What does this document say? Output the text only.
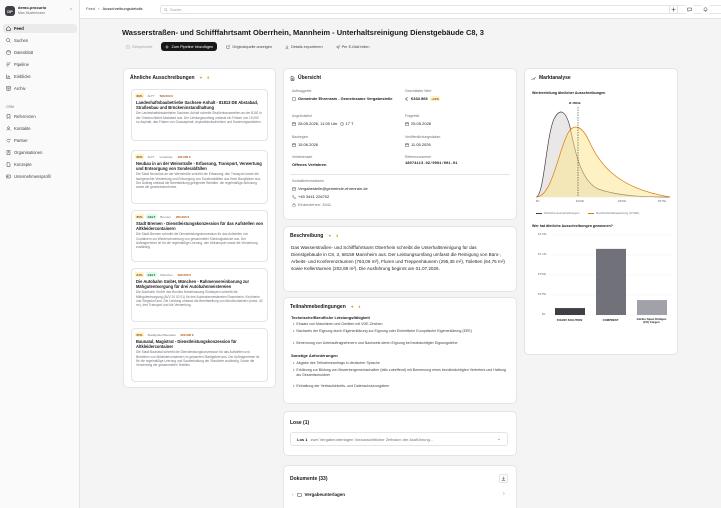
DP
demo-procurio
Max Mustermann	⌃
Feed
Suchen
Datenblatt
Pipeline
Einblicke
Archiv
CRM
Referenzen
Kontakte
Partner
Organisationen
Konzepte
Unternehmensprofil
Feed › Ausschreibungsdetails	Suche...
Wasserstraßen- und Schifffahrtsamt Oberrhein, Mannheim - Unterhaltsreinigung Dienstgebäude C8, 3
Gespeichert	Zum Pipeline hinzufügen	Originalquelle anzeigen	Details exportieren	Per E-Mail teilen
Ähnliche Ausschreibungen	✦	6
89%	ALTT	596.000 €
Landeshaftsbaubetriebe Sachsen-Anhalt - 81813 DE Abstabad, Straßenbau und Brückeninstandhaltung
Die Landeshaftsbaubetriebe Sachsen-Anhalt schreibt Straßenbauarbeiten an der B181 in der Ortsdurchfahrt Abstabad aus. Der Leistungsumfang umfasst ein Fräsen von 19.000 m² Asphalt, das Fräsen von Gussasphalt, Asphaltdeckschichten und Sanierungsarbeiten.
86%	ALTT	Lüneburg	150.000 €
Neubau in an der Weinstraße - Erfassung, Transport, Verwertung und Entsorgung von Sonderabfällen
Die Stadt Neubrück an der Weinstraße schreibt die Erfassung, den Transport sowie die fachgerechte Verwertung und Entsorgung von Sonderabfällen aus ihren Bauplätzen aus. Der Auftrag umfasst die Bereitstellung geeigneter Behälter, die regelmäßige Abholung sowie die gesetzeskonforme.
85%	GELT	Bremen	250.000 €
Stadt Bremen - Dienstleistungskonzession für das Aufstellen von Altkleidercontainern
Die Stadt Bremen schreibt die Dienstleistungskonzession für das Aufstellen von Containern zur Wiederverwertung von gesammelter Kleidungsstücke aus. Der Auftragnehmer ist für die regelmäßige Leerung, den Abtransport sowie die Verwertung zuständig.
84%	GELT	München	390.000 €
Die Autobahn GmbH, München - Rahmenvereinbarung zur Mähgutentsorgung für drei Autobahnmeistereien
Die Autobahn GmbH des Bundes Niederlassung Südbayern schreibt die Mähgutentsorgung (AVV 20 02 01) für drei Autobahnmeistereien Rosenheim, Kirchheim und Siegsdorf aus. Die Leistung umfasst die Bereitstellung von Abrollcontainern (mind. 40 m³), den Transport und die Verwertung.
85%	Stadtgebiet Baunatal	300.000 €
Baunatal, Magistrat - Dienstleistungskonzession für Altkleidercontainer
Die Stadt Baunatal schreibt die Dienstleistungskonzession für das Aufstellen und Betreiben von Altkleidercontainern im gesamten Stadtgebiet aus. Der Auftragnehmer ist für die regelmäßige Leerung und Sauberhaltung der Standorte zuständig. Sowie die Verwertung der gesammelten Textilien.
Übersicht
Auftraggeber
Gemeinde Ehrenrain - Gemeinsame Vergabestelle
Geschätzter Wert
€333.566	+10%
Angebotsfrist
28.05.2026, 11:00 Uhr 17 T
Fragefrist
25.05.2026
Baubeginn
15.06.2026
Veröffentlichungsdatum
11.05.2026
Verfahrensart
Offenes Verfahren
Referenznummer
18074113.02/0001/001-01
Kontaktinformationen
Vergabestelle@gemeinde-ehrenrain.de
+49 3441 226702
Einbeziehen: 3441
Beschreibung	✦	4
Das Wasserstraßen- und Schifffahrtsamt Oberrhein schreibt die Unterhaltsreinigung für das Dienstgebäude in C8, 3, 68159 Mannheim aus. Der Leistungsumfang umfasst die Reinigung von Büro-, Arbeits- und Konferenzräumen (763,06 m²), Fluren und Treppenhäusern (295,35 m²), Toiletten (64,75 m²) sowie Kellerräumen (202,69 m²). Die Ausführung beginnt am 01.07.2026.
Teilnahmebedingungen	✦	4
Technische/Berufliche Leistungsfähigkeit
• Einsatz von Maschinen und Geräten mit VDE-Zeichen
• Nachweis der Eignung durch Eigenerklärung zur Eignung oder Einheitliche Europäische Eigenerklärung (EEE)
• Benennung von Unterauftragnehmern und Nachweis deren Eignung bei beabsichtigter Eignungsleihe
Sonstige Anforderungen
• Abgabe des Teilnahmeantrags in deutscher Sprache
• Erklärung zur Bildung von Bewerbergemeinschaften (falls zutreffend) mit Benennung eines bevollmächtigten Vertreters und Haftung als Gesamtschuldner
• Einhaltung der Vertraulichkeits- und Datenschutzvorgaben
Lose (1)
Los 1 zwei Vergabeunterlagen Voraussichtlicher Zeitraum der Ausführung...	⌄
Dokumente (33)
› Vergabeunterlagen	›
Marktanalyse
Wertverteilung ähnlicher Ausschreibungen
Ø 4653k
€0	€200k	€450k	€675k
Ähnliche Ausschreibungen	Durchschnittsbewertung (UTHD)
Wer hat ähnliche Ausschreibungen gewonnen?
€1.5M
€1.1M
€750k
€375k
€0
FOLDIV SOLUTION	COMPREST	Gürtler Alpen Kühlgen (FG) Cargen
